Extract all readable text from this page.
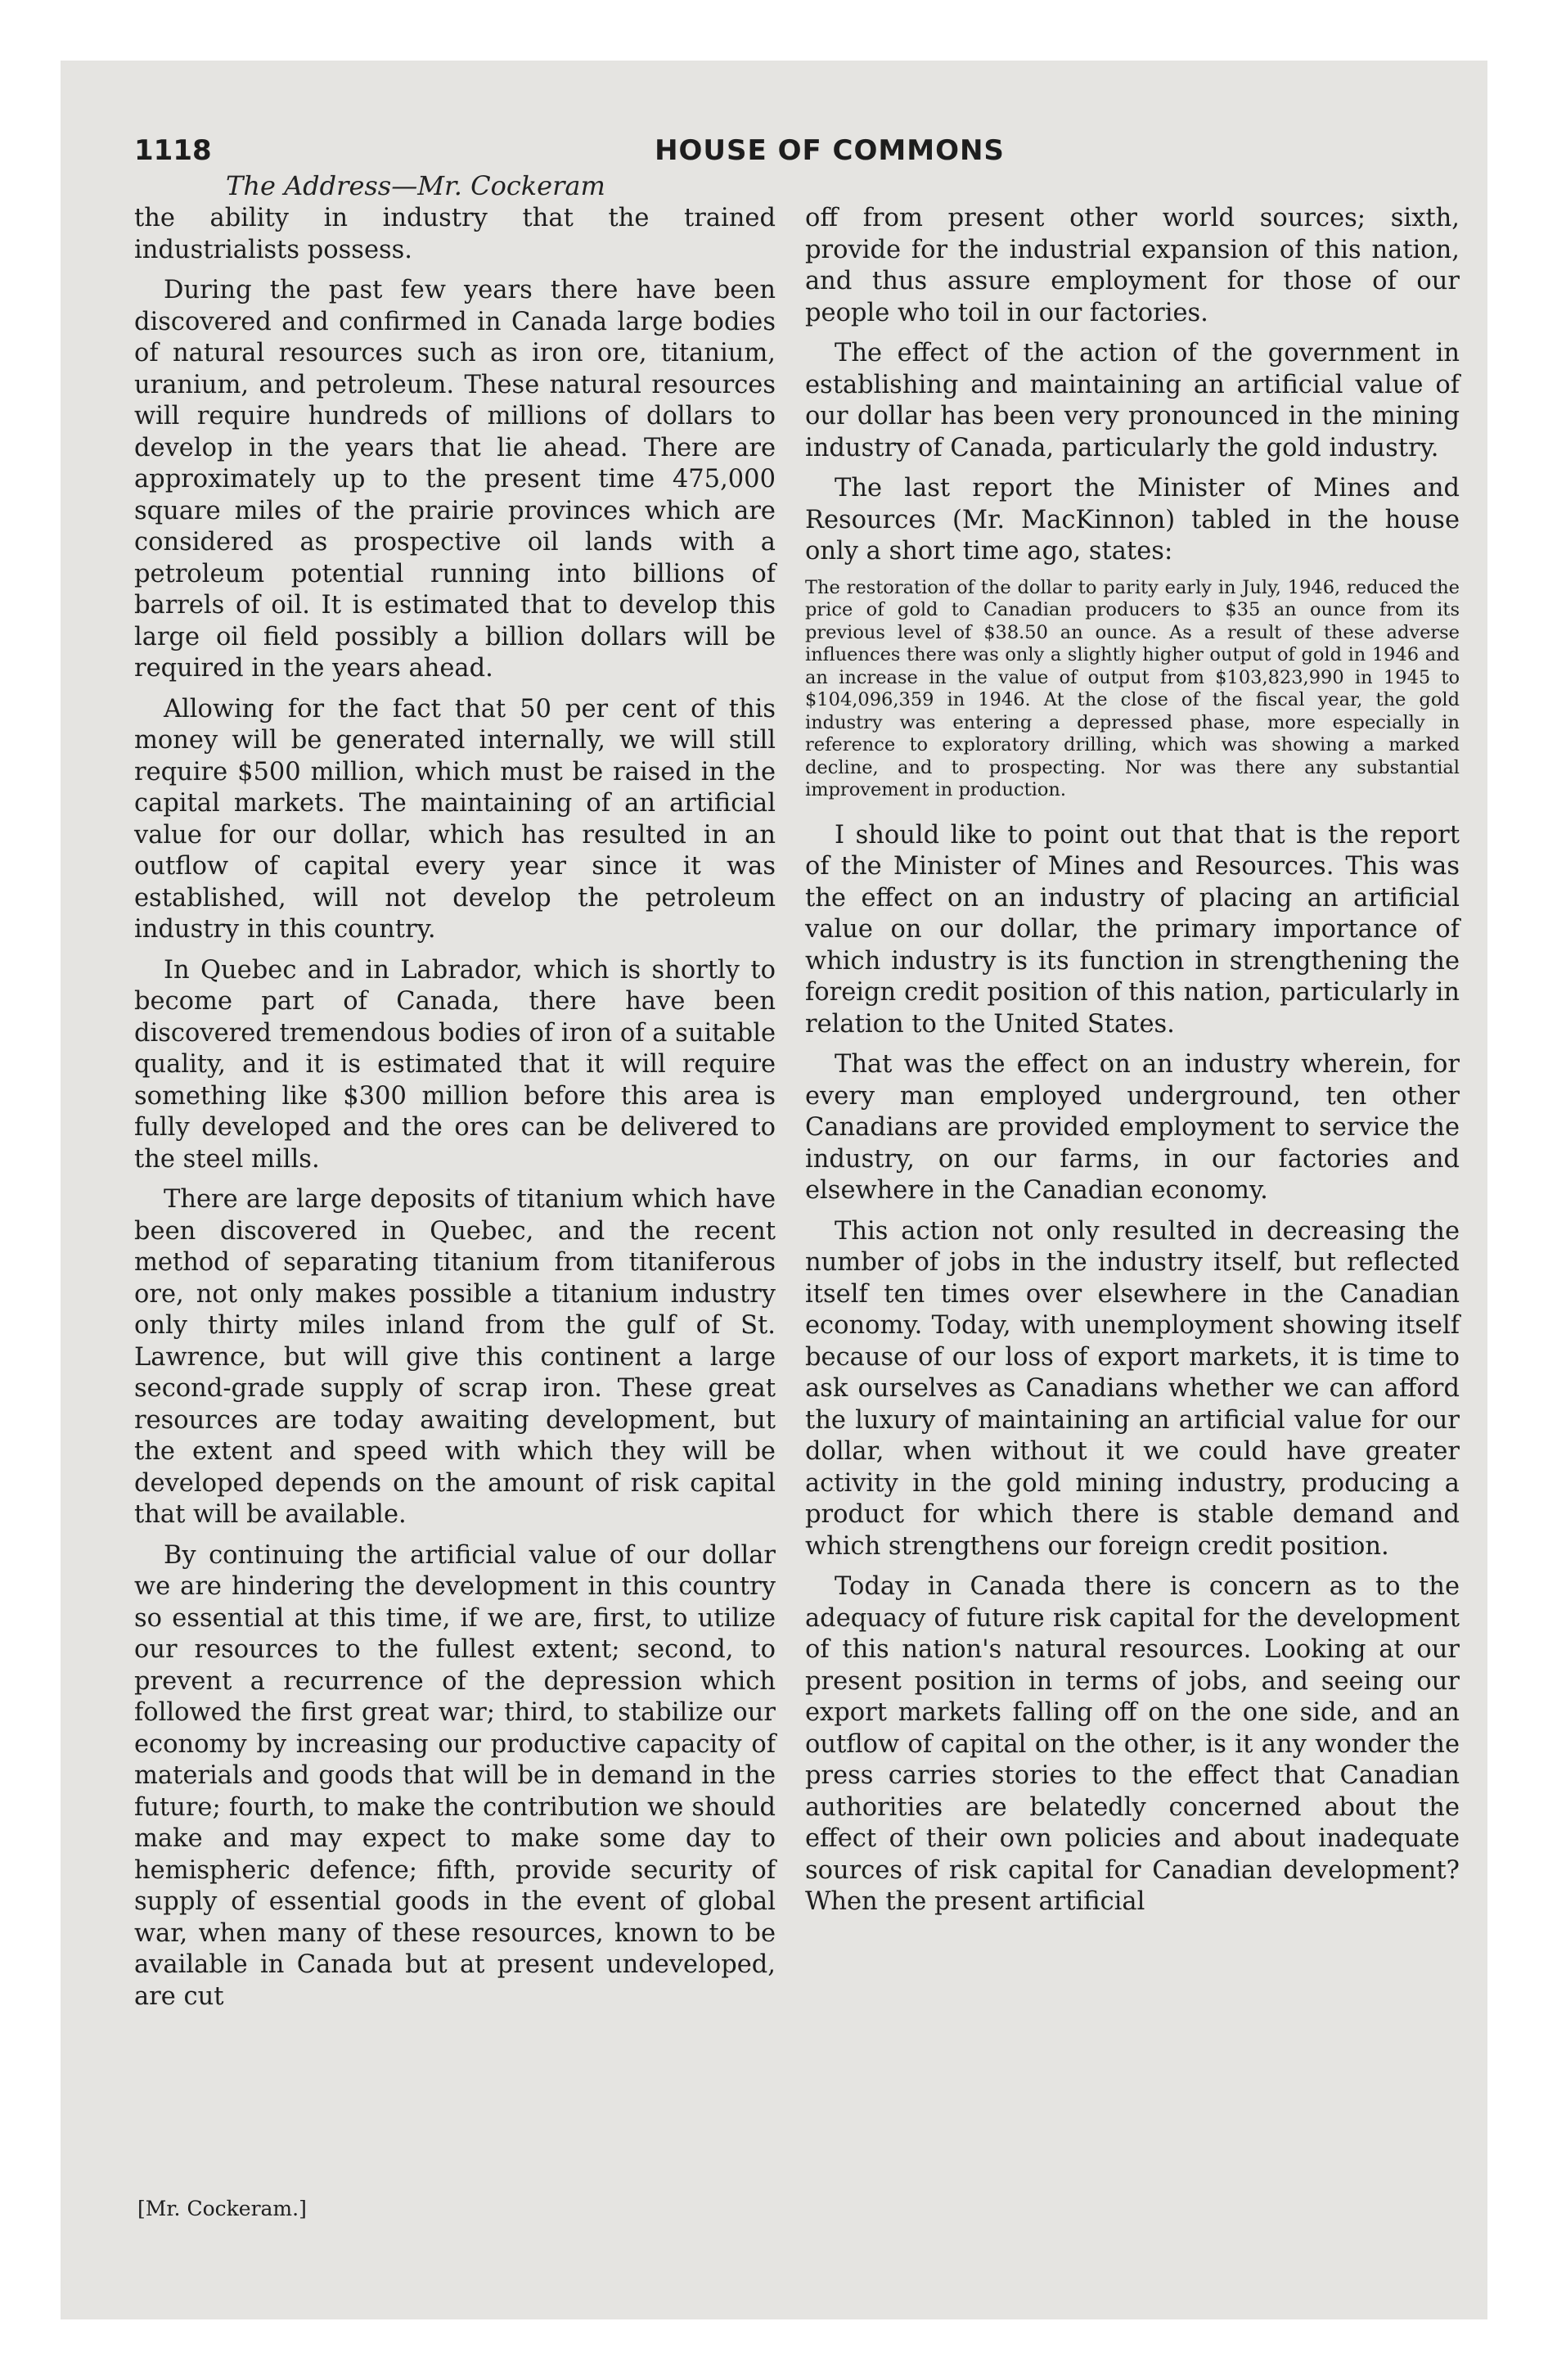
1118	HOUSE OF COMMONS
The Address—Mr. Cockeram

the ability in industry that the trained industrialists possess.

During the past few years there have been discovered and confirmed in Canada large bodies of natural resources such as iron ore, titanium, uranium, and petroleum. These natural resources will require hundreds of millions of dollars to develop in the years that lie ahead. There are approximately up to the present time 475,000 square miles of the prairie provinces which are considered as prospective oil lands with a petroleum potential running into billions of barrels of oil. It is estimated that to develop this large oil field possibly a billion dollars will be required in the years ahead.

Allowing for the fact that 50 per cent of this money will be generated internally, we will still require $500 million, which must be raised in the capital markets. The maintaining of an artificial value for our dollar, which has resulted in an outflow of capital every year since it was established, will not develop the petroleum industry in this country.

In Quebec and in Labrador, which is shortly to become part of Canada, there have been discovered tremendous bodies of iron of a suitable quality, and it is estimated that it will require something like $300 million before this area is fully developed and the ores can be delivered to the steel mills.

There are large deposits of titanium which have been discovered in Quebec, and the recent method of separating titanium from titaniferous ore, not only makes possible a titanium industry only thirty miles inland from the gulf of St. Lawrence, but will give this continent a large second-grade supply of scrap iron. These great resources are today awaiting development, but the extent and speed with which they will be developed depends on the amount of risk capital that will be available.

By continuing the artificial value of our dollar we are hindering the development in this country so essential at this time, if we are, first, to utilize our resources to the fullest extent; second, to prevent a recurrence of the depression which followed the first great war; third, to stabilize our economy by increasing our productive capacity of materials and goods that will be in demand in the future; fourth, to make the contribution we should make and may expect to make some day to hemispheric defence; fifth, provide security of supply of essential goods in the event of global war, when many of these resources, known to be available in Canada but at present undeveloped, are cut

off from present other world sources; sixth, provide for the industrial expansion of this nation, and thus assure employment for those of our people who toil in our factories.

The effect of the action of the government in establishing and maintaining an artificial value of our dollar has been very pronounced in the mining industry of Canada, particularly the gold industry.

The last report the Minister of Mines and Resources (Mr. MacKinnon) tabled in the house only a short time ago, states:

The restoration of the dollar to parity early in July, 1946, reduced the price of gold to Canadian producers to $35 an ounce from its previous level of $38.50 an ounce. As a result of these adverse influences there was only a slightly higher output of gold in 1946 and an increase in the value of output from $103,823,990 in 1945 to $104,096,359 in 1946. At the close of the fiscal year, the gold industry was entering a depressed phase, more especially in reference to exploratory drilling, which was showing a marked decline, and to prospecting. Nor was there any substantial improvement in production.

I should like to point out that that is the report of the Minister of Mines and Resources. This was the effect on an industry of placing an artificial value on our dollar, the primary importance of which industry is its function in strengthening the foreign credit position of this nation, particularly in relation to the United States.

That was the effect on an industry wherein, for every man employed underground, ten other Canadians are provided employment to service the industry, on our farms, in our factories and elsewhere in the Canadian economy.

This action not only resulted in decreasing the number of jobs in the industry itself, but reflected itself ten times over elsewhere in the Canadian economy. Today, with unemployment showing itself because of our loss of export markets, it is time to ask ourselves as Canadians whether we can afford the luxury of maintaining an artificial value for our dollar, when without it we could have greater activity in the gold mining industry, producing a product for which there is stable demand and which strengthens our foreign credit position.

Today in Canada there is concern as to the adequacy of future risk capital for the development of this nation's natural resources. Looking at our present position in terms of jobs, and seeing our export markets falling off on the one side, and an outflow of capital on the other, is it any wonder the press carries stories to the effect that Canadian authorities are belatedly concerned about the effect of their own policies and about inadequate sources of risk capital for Canadian development? When the present artificial

[Mr. Cockeram.]
